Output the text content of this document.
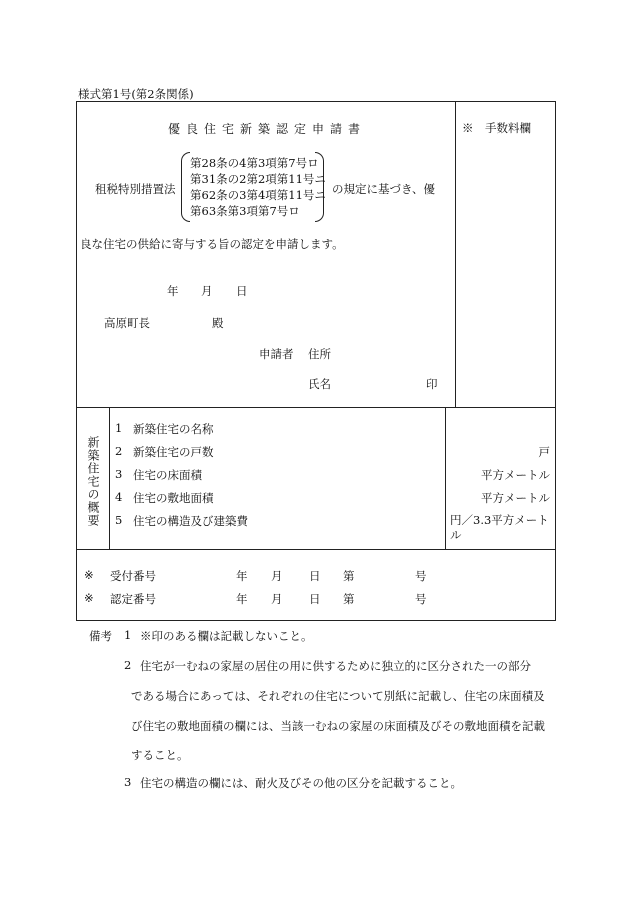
様式第1号(第2条関係)
優良住宅新築認定申請書	※　手数料欄
租税特別措置法
第28条の4第3項第7号ロ
第31条の2第2項第11号ニ
第62条の3第4項第11号ニ
第63条第3項第7号ロ
の規定に基づき、優
良な住宅の供給に寄与する旨の認定を申請します。
年 月 日
高原町長	殿
申請者 住所
氏名	印
新築住宅の概要
1 新築住宅の名称
2 新築住宅の戸数	戸
3 住宅の床面積	平方メートル
4 住宅の敷地面積	平方メートル
5 住宅の構造及び建築費	円／3.3平方メートル
※ 受付番号	年 月 日 第	号
※ 認定番号	年 月 日 第	号
備考 1 ※印のある欄は記載しないこと。
2 住宅が一むねの家屋の居住の用に供するために独立的に区分された一の部分
である場合にあっては、それぞれの住宅について別紙に記載し、住宅の床面積及
び住宅の敷地面積の欄には、当該一むねの家屋の床面積及びその敷地面積を記載
すること。
3 住宅の構造の欄には、耐火及びその他の区分を記載すること。
